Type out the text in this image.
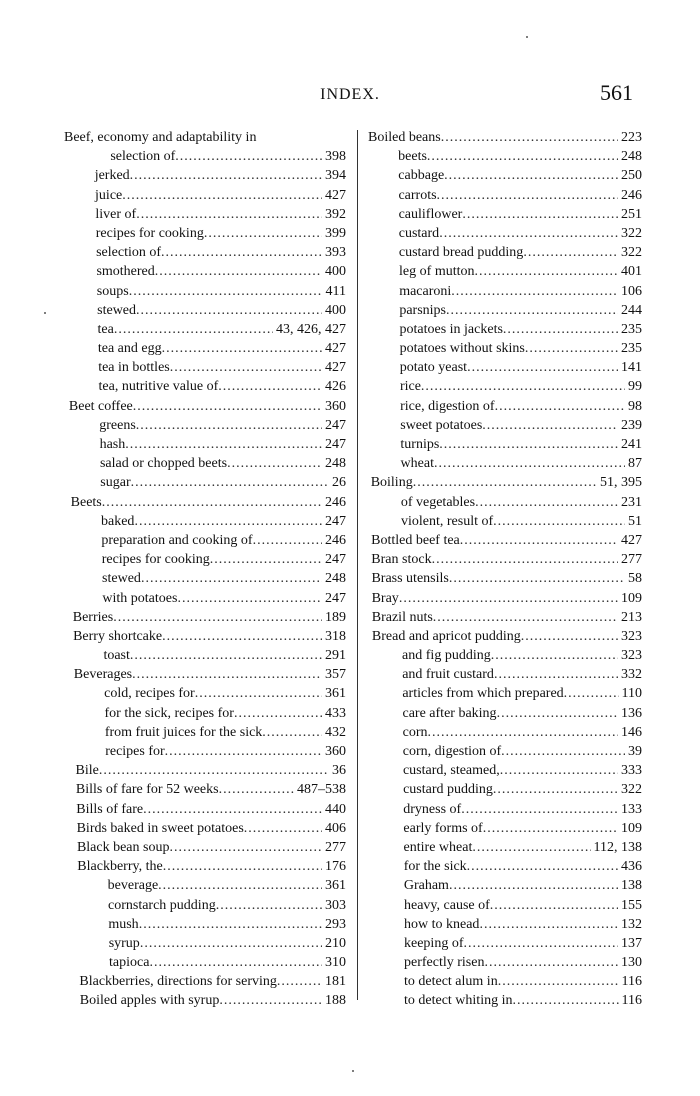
INDEX.	561
Beef, economy and adaptability in
selection of .....	398
jerked .....	394
juice .....	427
liver of .....	392
recipes for cooking .....	399
selection of .....	393
smothered .....	400
soups .....	411
stewed .....	400
tea .....	43, 426, 427
tea and egg .....	427
tea in bottles .....	427
tea, nutritive value of .....	426
Beet coffee .....	360
greens .....	247
hash .....	247
salad or chopped beets .....	248
sugar .....	26
Beets .....	246
baked .....	247
preparation and cooking of .....	246
recipes for cooking .....	247
stewed .....	248
with potatoes .....	247
Berries .....	189
Berry shortcake .....	318
toast .....	291
Beverages .....	357
cold, recipes for .....	361
for the sick, recipes for .....	433
from fruit juices for the sick .....	432
recipes for .....	360
Bile .....	36
Bills of fare for 52 weeks .....	487–538
Bills of fare .....	440
Birds baked in sweet potatoes .....	406
Black bean soup .....	277
Blackberry, the .....	176
beverage .....	361
cornstarch pudding .....	303
mush .....	293
syrup .....	210
tapioca .....	310
Blackberries, directions for serving .....	181
Boiled apples with syrup .....	188
Boiled beans .....	223
beets .....	248
cabbage .....	250
carrots .....	246
cauliflower .....	251
custard .....	322
custard bread pudding .....	322
leg of mutton .....	401
macaroni .....	106
parsnips .....	244
potatoes in jackets .....	235
potatoes without skins .....	235
potato yeast .....	141
rice .....	99
rice, digestion of .....	98
sweet potatoes .....	239
turnips .....	241
wheat .....	87
Boiling .....	51, 395
of vegetables .....	231
violent, result of .....	51
Bottled beef tea .....	427
Bran stock .....	277
Brass utensils .....	58
Bray .....	109
Brazil nuts .....	213
Bread and apricot pudding .....	323
and fig pudding .....	323
and fruit custard .....	332
articles from which prepared .....	110
care after baking .....	136
corn .....	146
corn, digestion of .....	39
custard, steamed, .....	333
custard pudding .....	322
dryness of .....	133
early forms of .....	109
entire wheat .....	112, 138
for the sick .....	436
Graham .....	138
heavy, cause of .....	155
how to knead .....	132
keeping of .....	137
perfectly risen .....	130
to detect alum in .....	116
to detect whiting in .....	116
